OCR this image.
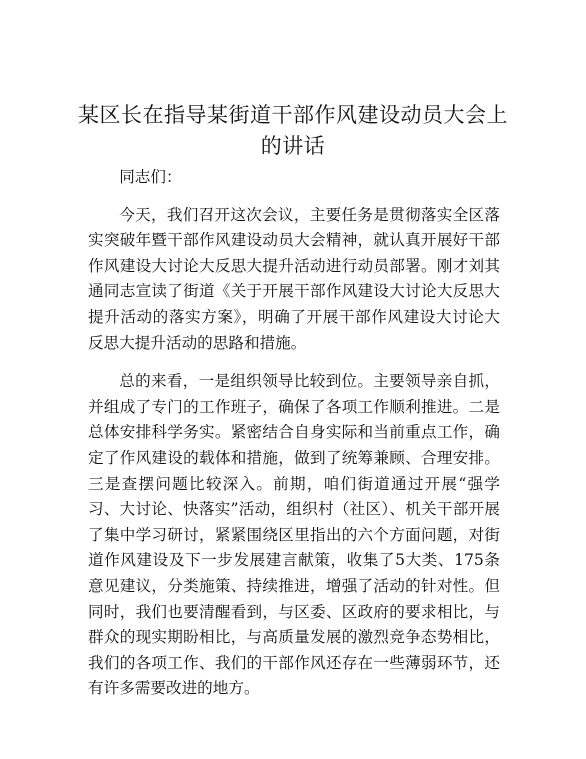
某区长在指导某街道干部作风建设动员大会上的讲话

同志们：

今天，我们召开这次会议，主要任务是贯彻落实全区落实突破年暨干部作风建设动员大会精神，就认真开展好干部作风建设大讨论大反思大提升活动进行动员部署。刚才刘其通同志宣读了街道《关于开展干部作风建设大讨论大反思大提升活动的落实方案》，明确了开展干部作风建设大讨论大反思大提升活动的思路和措施。

总的来看，一是组织领导比较到位。主要领导亲自抓，并组成了专门的工作班子，确保了各项工作顺利推进。二是总体安排科学务实。紧密结合自身实际和当前重点工作，确定了作风建设的载体和措施，做到了统筹兼顾、合理安排。三是查摆问题比较深入。前期，咱们街道通过开展“强学习、大讨论、快落实”活动，组织村（社区）、机关干部开展了集中学习研讨，紧紧围绕区里指出的六个方面问题，对街道作风建设及下一步发展建言献策，收集了5大类、175条意见建议，分类施策、持续推进，增强了活动的针对性。但同时，我们也要清醒看到，与区委、区政府的要求相比，与群众的现实期盼相比，与高质量发展的激烈竞争态势相比，我们的各项工作、我们的干部作风还存在一些薄弱环节，还有许多需要改进的地方。
